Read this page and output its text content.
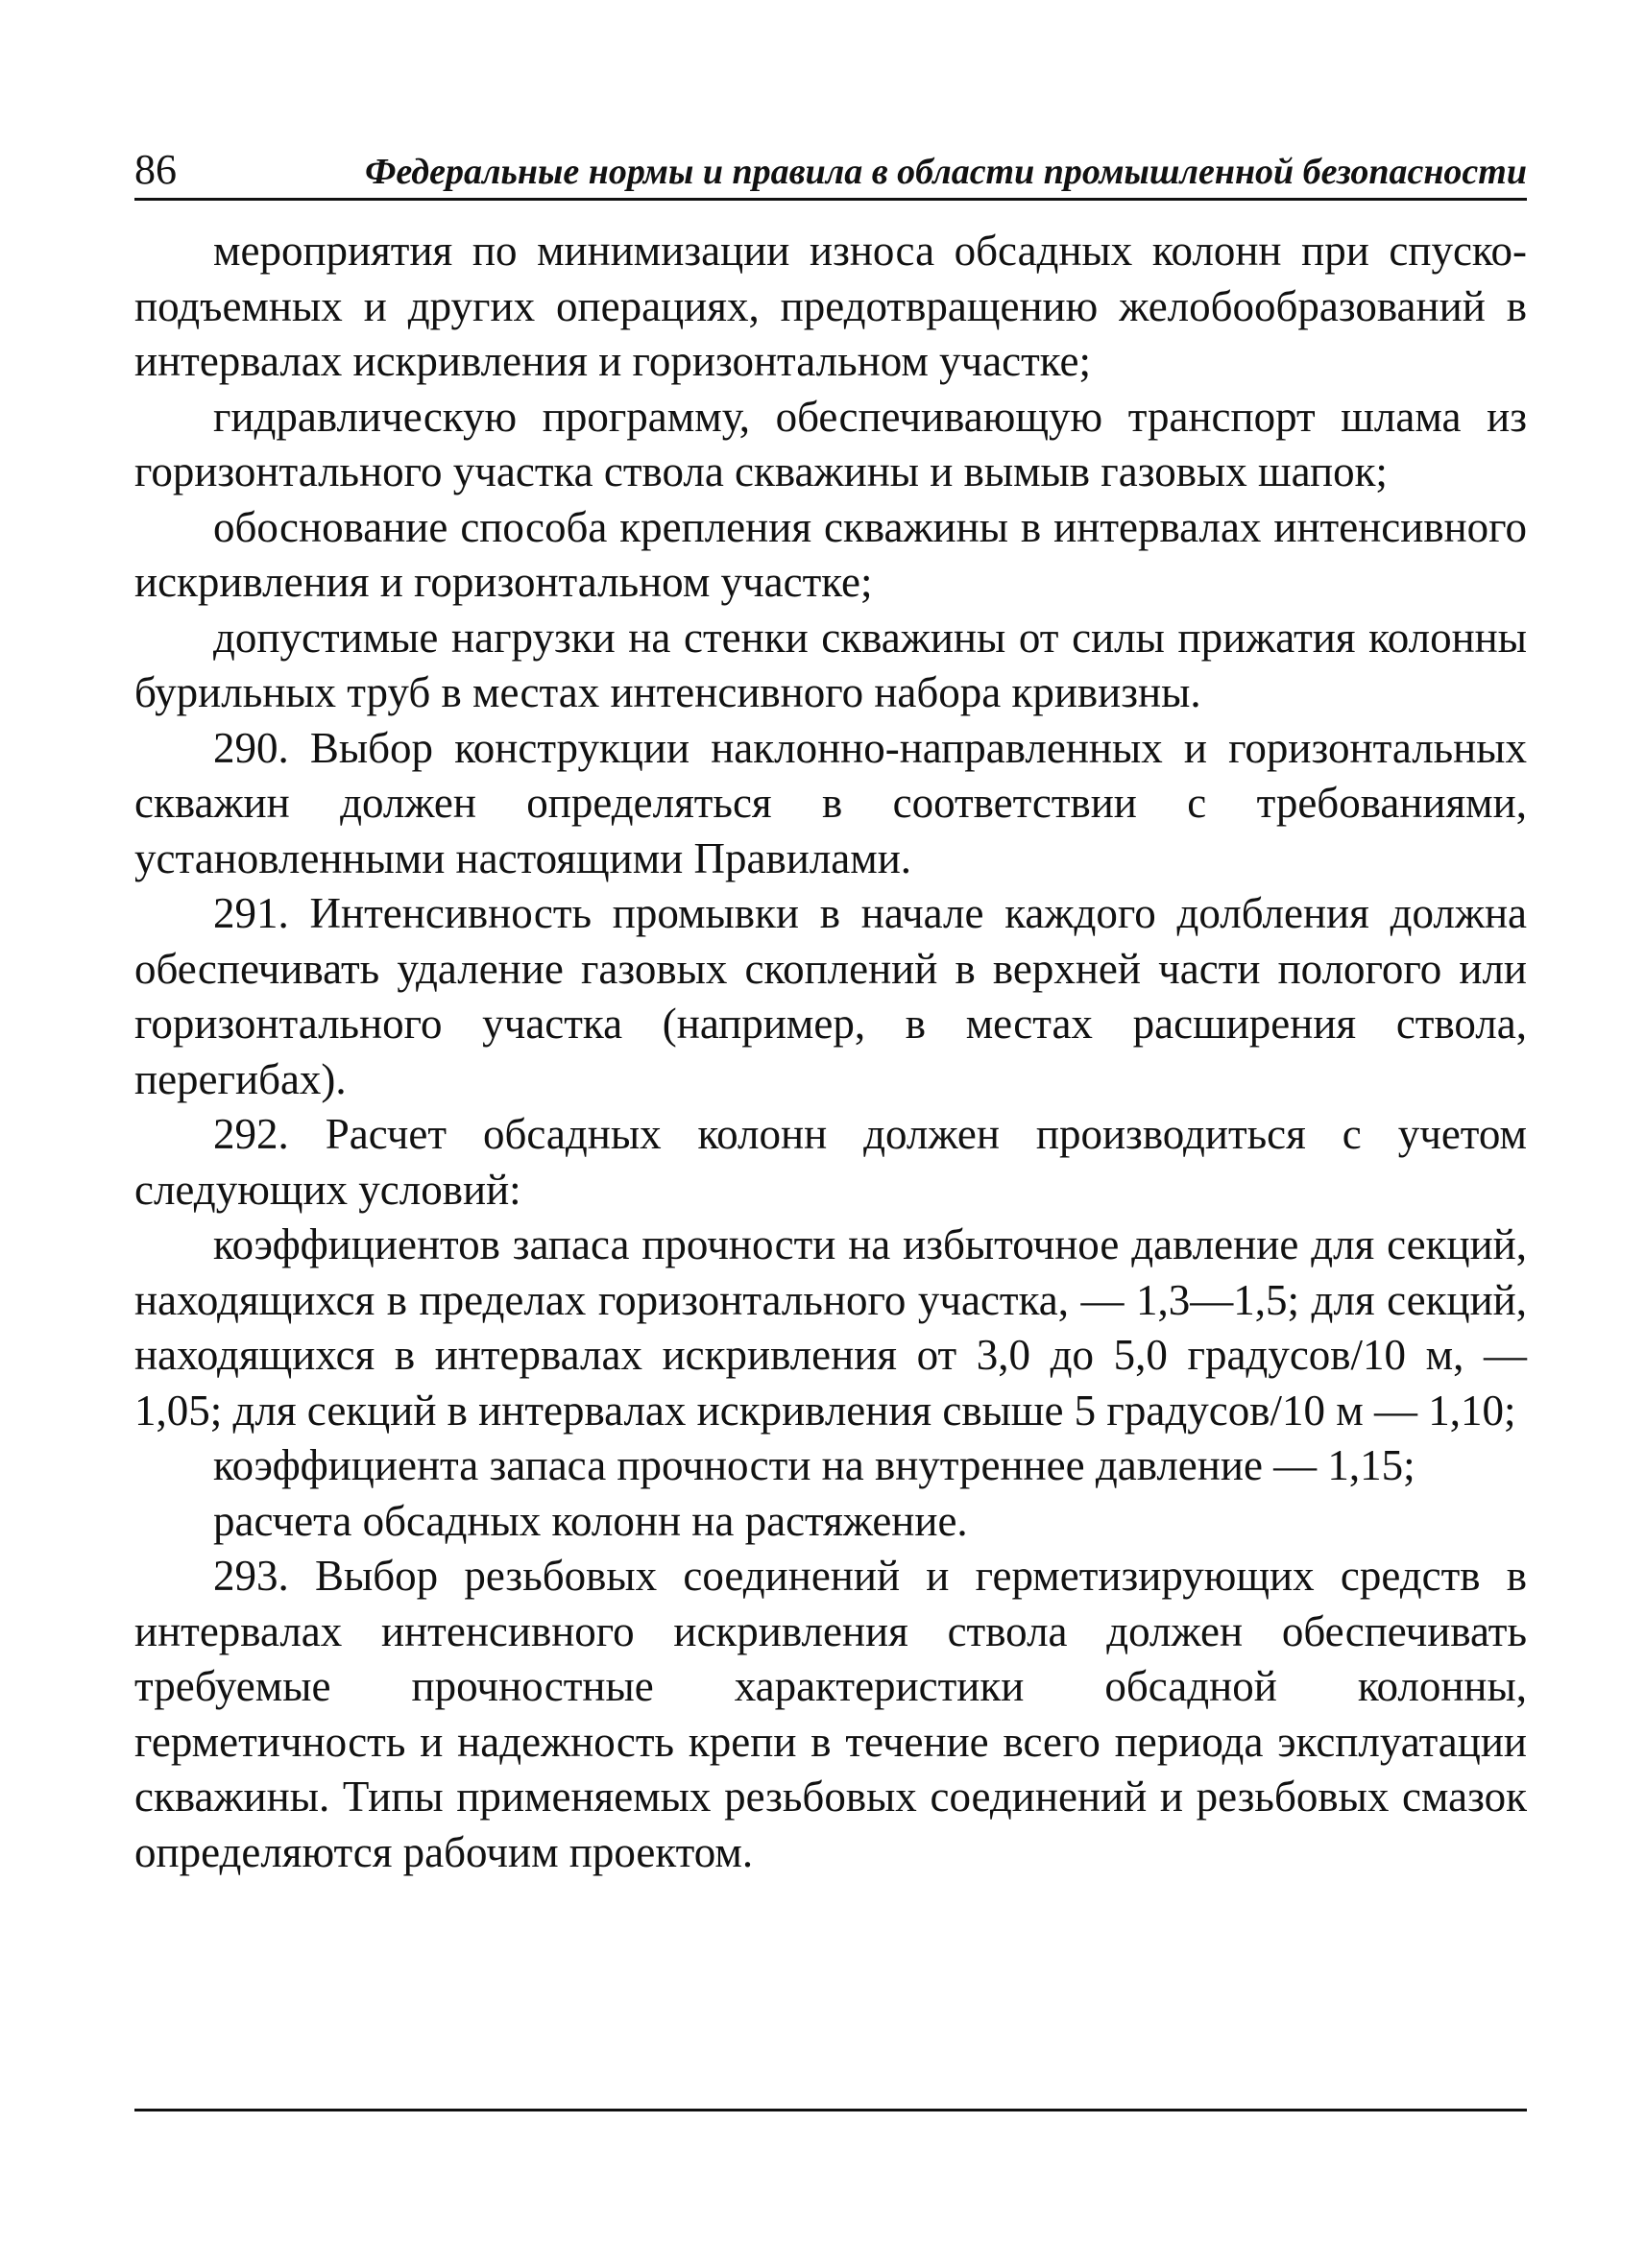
86	Федеральные нормы и правила в области промышленной безопасности

мероприятия по минимизации износа обсадных колонн при спуско-подъемных и других операциях, предотвращению желобообразований в интервалах искривления и горизонтальном участке;

гидравлическую программу, обеспечивающую транспорт шлама из горизонтального участка ствола скважины и вымыв газовых шапок;

обоснование способа крепления скважины в интервалах интенсивного искривления и горизонтальном участке;

допустимые нагрузки на стенки скважины от силы прижатия колонны бурильных труб в местах интенсивного набора кривизны.

290. Выбор конструкции наклонно-направленных и горизонтальных скважин должен определяться в соответствии с требованиями, установленными настоящими Правилами.

291. Интенсивность промывки в начале каждого долбления должна обеспечивать удаление газовых скоплений в верхней части пологого или горизонтального участка (например, в местах расширения ствола, перегибах).

292. Расчет обсадных колонн должен производиться с учетом следующих условий:

коэффициентов запаса прочности на избыточное давление для секций, находящихся в пределах горизонтального участка, — 1,3—1,5; для секций, находящихся в интервалах искривления от 3,0 до 5,0 градусов/10 м, — 1,05; для секций в интервалах искривления свыше 5 градусов/10 м — 1,10;

коэффициента запаса прочности на внутреннее давление — 1,15;

расчета обсадных колонн на растяжение.

293. Выбор резьбовых соединений и герметизирующих средств в интервалах интенсивного искривления ствола должен обеспечивать требуемые прочностные характеристики обсадной колонны, герметичность и надежность крепи в течение всего периода эксплуатации скважины. Типы применяемых резьбовых соединений и резьбовых смазок определяются рабочим проектом.
